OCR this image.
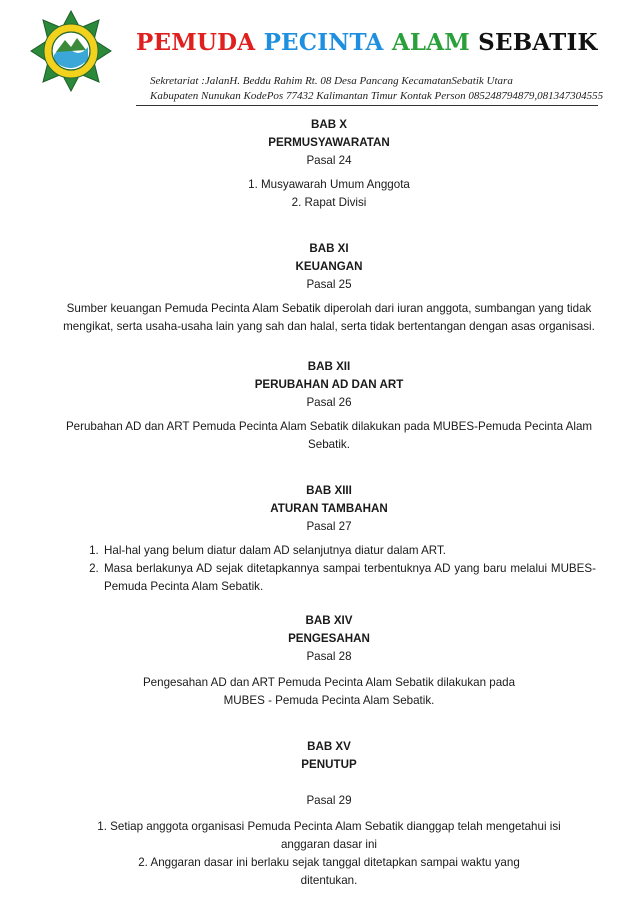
PEMUDA PECINTA ALAM SEBATIK
Sekretariat :JalanH. Beddu Rahim Rt. 08 Desa Pancang KecamatanSebatik Utara
Kabupaten Nunukan KodePos 77432 Kalimantan Timur Kontak Person 085248794879,081347304555

BAB X

PERMUSYAWARATAN

Pasal 24

1. Musyawarah Umum Anggota

2. Rapat Divisi

BAB XI

KEUANGAN

Pasal 25

Sumber keuangan Pemuda Pecinta Alam Sebatik diperolah dari iuran anggota, sumbangan yang tidak mengikat, serta usaha-usaha lain yang sah dan halal, serta tidak bertentangan dengan asas organisasi.

BAB XII

PERUBAHAN AD DAN ART

Pasal 26

Perubahan AD dan ART Pemuda Pecinta Alam Sebatik dilakukan pada MUBES-Pemuda Pecinta Alam Sebatik.

BAB XIII

ATURAN TAMBAHAN

Pasal 27

1. Hal-hal yang belum diatur dalam AD selanjutnya diatur dalam ART.
2. Masa berlakunya AD sejak ditetapkannya sampai terbentuknya AD yang baru melalui MUBES-Pemuda Pecinta Alam Sebatik.

BAB XIV

PENGESAHAN

Pasal 28

Pengesahan AD dan ART Pemuda Pecinta Alam Sebatik dilakukan pada MUBES - Pemuda Pecinta Alam Sebatik.

BAB XV

PENUTUP

Pasal 29

1. Setiap anggota organisasi Pemuda Pecinta Alam Sebatik dianggap telah mengetahui isi anggaran dasar ini

2. Anggaran dasar ini berlaku sejak tanggal ditetapkan sampai waktu yang ditentukan.
